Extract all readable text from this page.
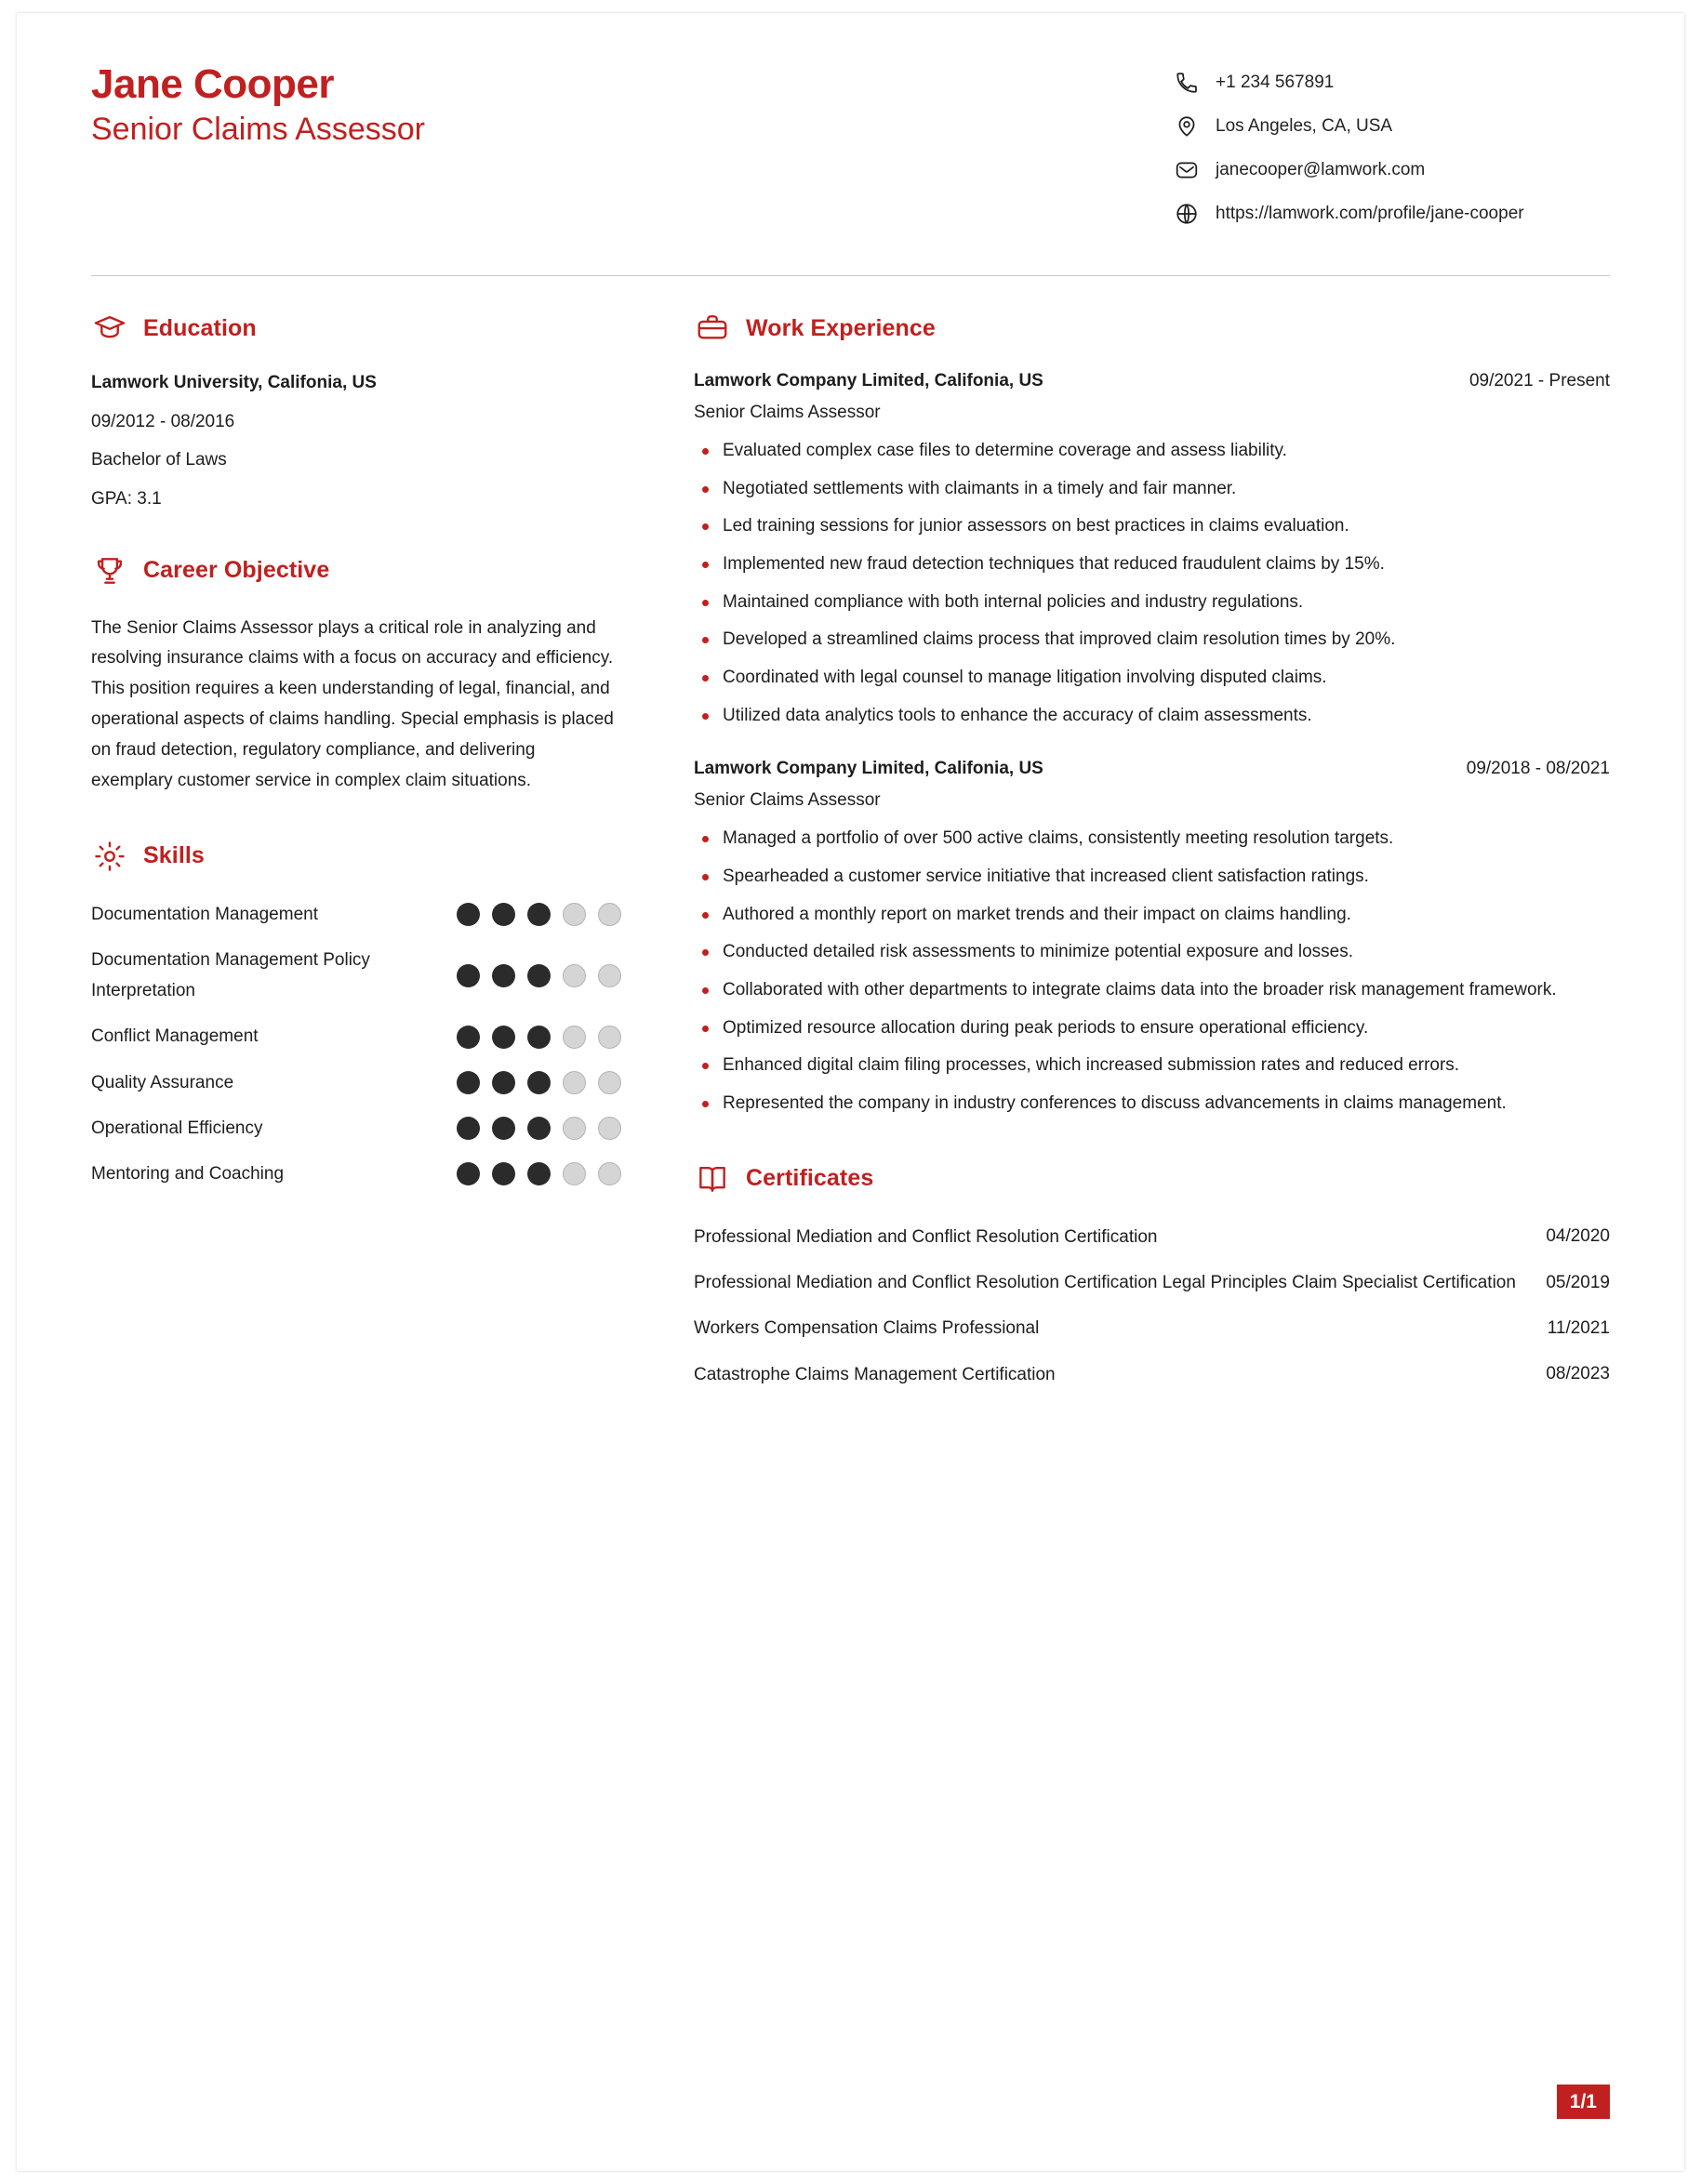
Jane Cooper
Senior Claims Assessor
+1 234 567891
Los Angeles, CA, USA
janecooper@lamwork.com
https://lamwork.com/profile/jane-cooper
Education
Lamwork University, Califonia, US
09/2012 - 08/2016
Bachelor of Laws
GPA: 3.1
Career Objective

The Senior Claims Assessor plays a critical role in analyzing and resolving insurance claims with a focus on accuracy and efficiency. This position requires a keen understanding of legal, financial, and operational aspects of claims handling. Special emphasis is placed on fraud detection, regulatory compliance, and delivering exemplary customer service in complex claim situations.

Skills
Documentation Management
Documentation Management Policy Interpretation
Conflict Management
Quality Assurance
Operational Efficiency
Mentoring and Coaching
Work Experience
Lamwork Company Limited, Califonia, US	09/2021 - Present
Senior Claims Assessor
Evaluated complex case files to determine coverage and assess liability.
Negotiated settlements with claimants in a timely and fair manner.
Led training sessions for junior assessors on best practices in claims evaluation.
Implemented new fraud detection techniques that reduced fraudulent claims by 15%.
Maintained compliance with both internal policies and industry regulations.
Developed a streamlined claims process that improved claim resolution times by 20%.
Coordinated with legal counsel to manage litigation involving disputed claims.
Utilized data analytics tools to enhance the accuracy of claim assessments.
Lamwork Company Limited, Califonia, US	09/2018 - 08/2021
Senior Claims Assessor
Managed a portfolio of over 500 active claims, consistently meeting resolution targets.
Spearheaded a customer service initiative that increased client satisfaction ratings.
Authored a monthly report on market trends and their impact on claims handling.
Conducted detailed risk assessments to minimize potential exposure and losses.
Collaborated with other departments to integrate claims data into the broader risk management framework.
Optimized resource allocation during peak periods to ensure operational efficiency.
Enhanced digital claim filing processes, which increased submission rates and reduced errors.
Represented the company in industry conferences to discuss advancements in claims management.
Certificates
Professional Mediation and Conflict Resolution Certification	04/2020
Professional Mediation and Conflict Resolution Certification Legal Principles Claim Specialist Certification	05/2019
Workers Compensation Claims Professional	11/2021
Catastrophe Claims Management Certification	08/2023
1/1
